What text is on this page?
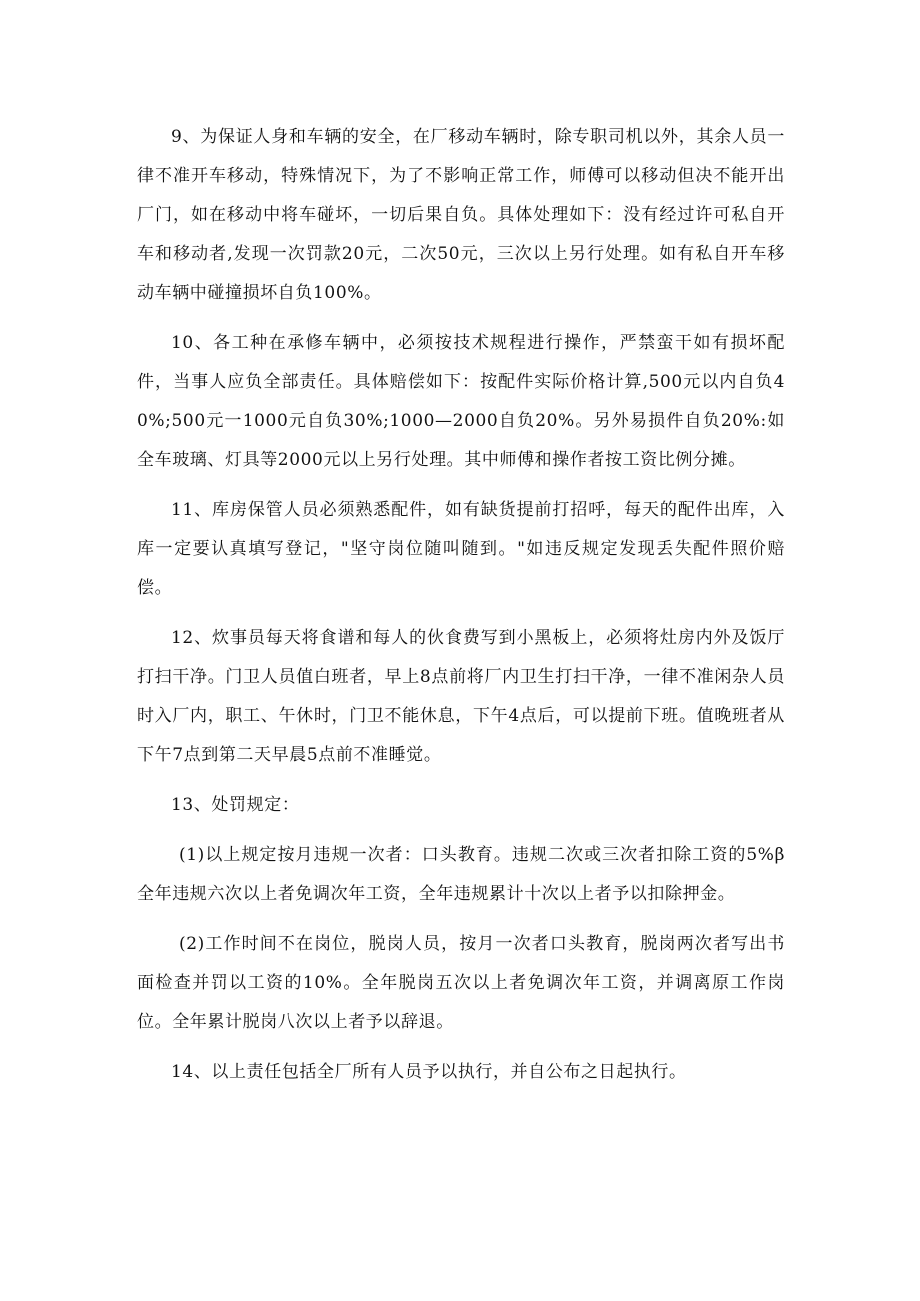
9、为保证人身和车辆的安全，在厂移动车辆时，除专职司机以外，其余人员一律不准开车移动，特殊情况下，为了不影响正常工作，师傅可以移动但决不能开出厂门，如在移动中将车碰坏，一切后果自负。具体处理如下：没有经过许可私自开车和移动者,发现一次罚款20元，二次50元，三次以上另行处理。如有私自开车移动车辆中碰撞损坏自负100%。

10、各工种在承修车辆中，必须按技术规程进行操作，严禁蛮干如有损坏配件，当事人应负全部责任。具体赔偿如下：按配件实际价格计算,500元以内自负40%;500元一1000元自负30%;1000—2000自负20%。另外易损件自负20%:如全车玻璃、灯具等2000元以上另行处理。其中师傅和操作者按工资比例分摊。

11、库房保管人员必须熟悉配件，如有缺货提前打招呼，每天的配件出库，入库一定要认真填写登记，"坚守岗位随叫随到。"如违反规定发现丢失配件照价赔偿。

12、炊事员每天将食谱和每人的伙食费写到小黑板上，必须将灶房内外及饭厅打扫干净。门卫人员值白班者，早上8点前将厂内卫生打扫干净，一律不准闲杂人员时入厂内，职工、午休时，门卫不能休息，下午4点后，可以提前下班。值晚班者从下午7点到第二天早晨5点前不准睡觉。

13、处罚规定：

(1)以上规定按月违规一次者：口头教育。违规二次或三次者扣除工资的5%β全年违规六次以上者免调次年工资，全年违规累计十次以上者予以扣除押金。

(2)工作时间不在岗位，脱岗人员，按月一次者口头教育，脱岗两次者写出书面检查并罚以工资的10%。全年脱岗五次以上者免调次年工资，并调离原工作岗位。全年累计脱岗八次以上者予以辞退。

14、以上责任包括全厂所有人员予以执行，并自公布之日起执行。
